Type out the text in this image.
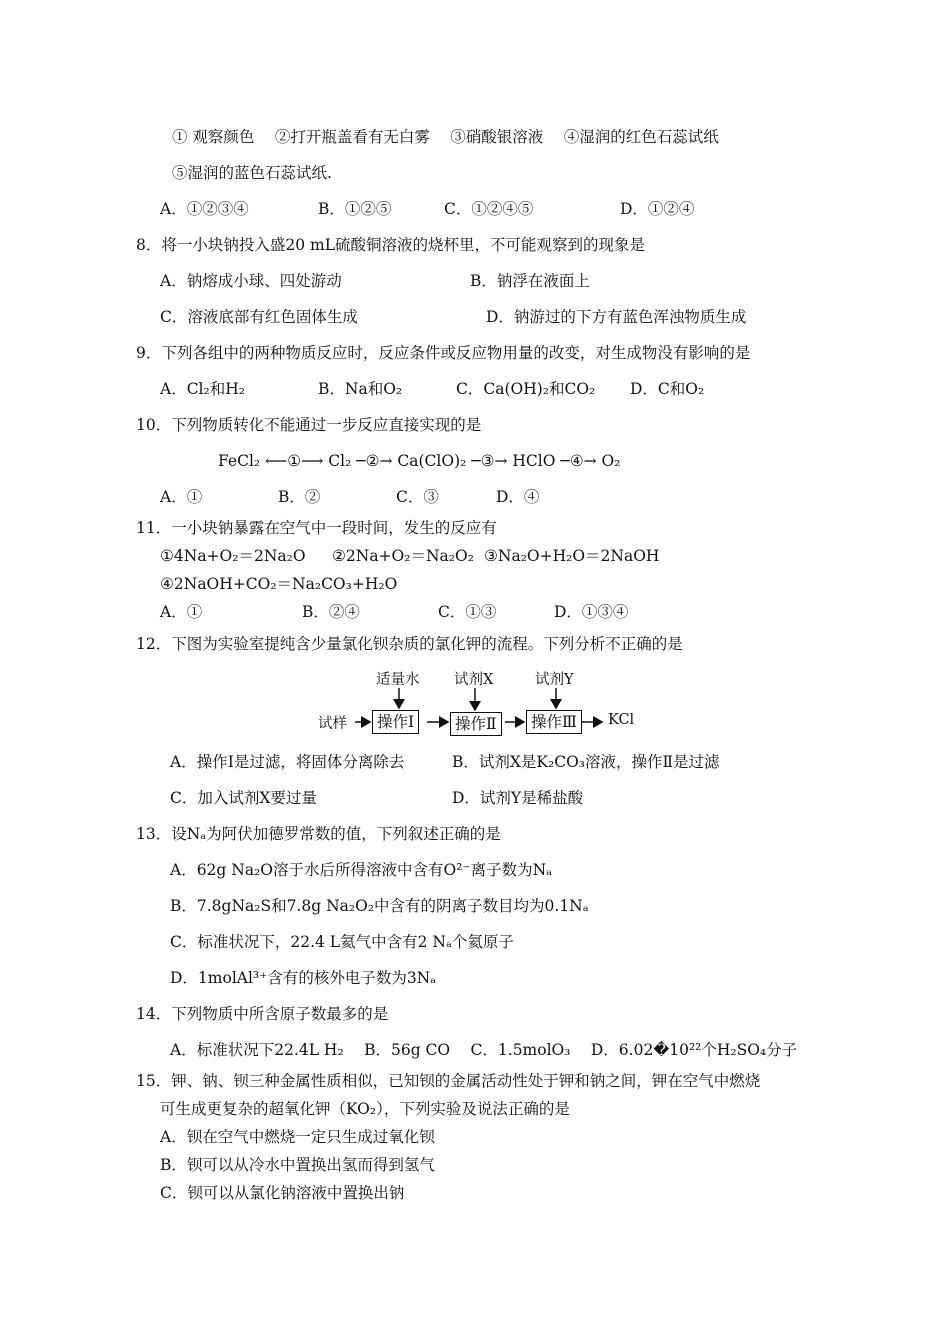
① 观察颜色 　②打开瓶盖看有无白雾 　③硝酸银溶液 　④湿润的红色石蕊试纸
⑤湿润的蓝色石蕊试纸.
A．①②③④	B．①②⑤	C．①②④⑤	D．①②④
8．将一小块钠投入盛20 mL硫酸铜溶液的烧杯里，不可能观察到的现象是
A．钠熔成小球、四处游动	B．钠浮在液面上
C．溶液底部有红色固体生成	D．钠游过的下方有蓝色浑浊物质生成
9．下列各组中的两种物质反应时，反应条件或反应物用量的改变，对生成物没有影响的是
A．Cl₂和H₂	B．Na和O₂	C．Ca(OH)₂和CO₂ D．C和O₂
10．下列物质转化不能通过一步反应直接实现的是
FeCl₂ ⟵①⟶ Cl₂ ─②→ Ca(ClO)₂ ─③→ HClO ─④→ O₂
A．①	B．②	C．③	D．④
11．一小块钠暴露在空气中一段时间，发生的反应有
①4Na+O₂＝2Na₂O ②2Na+O₂＝Na₂O₂ ③Na₂O+H₂O＝2NaOH
④2NaOH+CO₂＝Na₂CO₃+H₂O
A．①	B．②④	C．①③	D．①③④
12．下图为实验室提纯含少量氯化钡杂质的氯化钾的流程。下列分析不正确的是
适量水 试剂X	试剂Y
试样	操作Ⅰ	操作Ⅱ	操作Ⅲ	KCl
A．操作Ⅰ是过滤，将固体分离除去	B．试剂X是K₂CO₃溶液，操作Ⅱ是过滤
C．加入试剂X要过量	D．试剂Y是稀盐酸
13．设Nₐ为阿伏加德罗常数的值，下列叙述正确的是
A．62g Na₂O溶于水后所得溶液中含有O²⁻离子数为Nₐ
B．7.8gNa₂S和7.8g Na₂O₂中含有的阴离子数目均为0.1Nₐ
C．标准状况下，22.4 L氦气中含有2 Nₐ个氦原子
D．1molAl³⁺含有的核外电子数为3Nₐ
14．下列物质中所含原子数最多的是
A．标准状况下22.4L H₂ 　B．56g CO 　C．1.5molO₃ 　D．6.02�10²²个H₂SO₄分子
15．钾、钠、钡三种金属性质相似，已知钡的金属活动性处于钾和钠之间，钾在空气中燃烧
可生成更复杂的超氧化钾（KO₂），下列实验及说法正确的是
A．钡在空气中燃烧一定只生成过氧化钡
B．钡可以从冷水中置换出氢而得到氢气
C．钡可以从氯化钠溶液中置换出钠
